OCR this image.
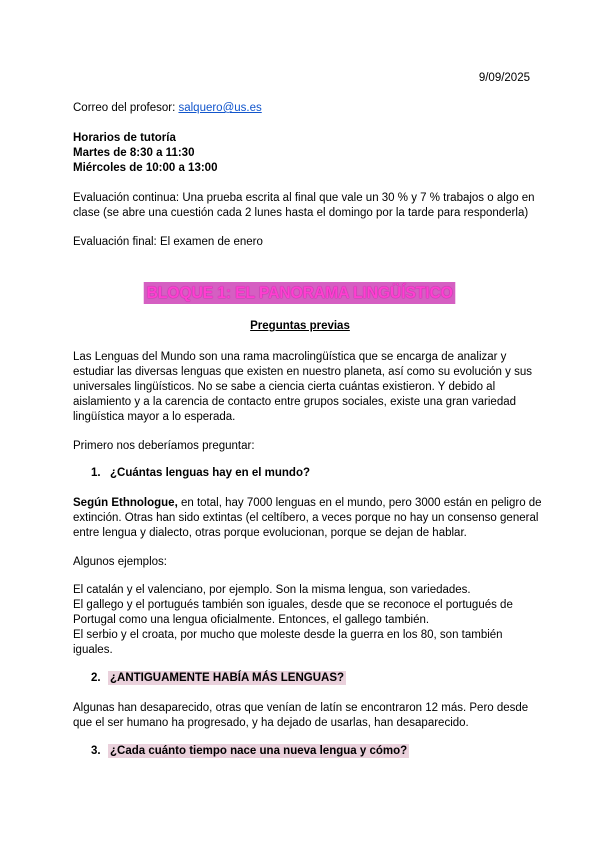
9/09/2025
Correo del profesor: salquero@us.es
Horarios de tutoría
Martes de 8:30 a 11:30
Miércoles de 10:00 a 13:00
Evaluación continua: Una prueba escrita al final que vale un 30 % y 7 % trabajos o algo en
clase (se abre una cuestión cada 2 lunes hasta el domingo por la tarde para responderla)
Evaluación final: El examen de enero
BLOQUE 1: EL PANORAMA LINGÜÍSTICO
Preguntas previas
Las Lenguas del Mundo son una rama macrolingüística que se encarga de analizar y
estudiar las diversas lenguas que existen en nuestro planeta, así como su evolución y sus
universales lingüísticos. No se sabe a ciencia cierta cuántas existieron. Y debido al
aislamiento y a la carencia de contacto entre grupos sociales, existe una gran variedad
lingüística mayor a lo esperada.
Primero nos deberíamos preguntar:
1. ¿Cuántas lenguas hay en el mundo?
Según Ethnologue, en total, hay 7000 lenguas en el mundo, pero 3000 están en peligro de
extinción. Otras han sido extintas (el celtíbero, a veces porque no hay un consenso general
entre lengua y dialecto, otras porque evolucionan, porque se dejan de hablar.
Algunos ejemplos:
El catalán y el valenciano, por ejemplo. Son la misma lengua, son variedades.
El gallego y el portugués también son iguales, desde que se reconoce el portugués de
Portugal como una lengua oficialmente. Entonces, el gallego también.
El serbio y el croata, por mucho que moleste desde la guerra en los 80, son también
iguales.
2. ¿ANTIGUAMENTE HABÍA MÁS LENGUAS?
Algunas han desaparecido, otras que venían de latín se encontraron 12 más. Pero desde
que el ser humano ha progresado, y ha dejado de usarlas, han desaparecido.
3. ¿Cada cuánto tiempo nace una nueva lengua y cómo?
